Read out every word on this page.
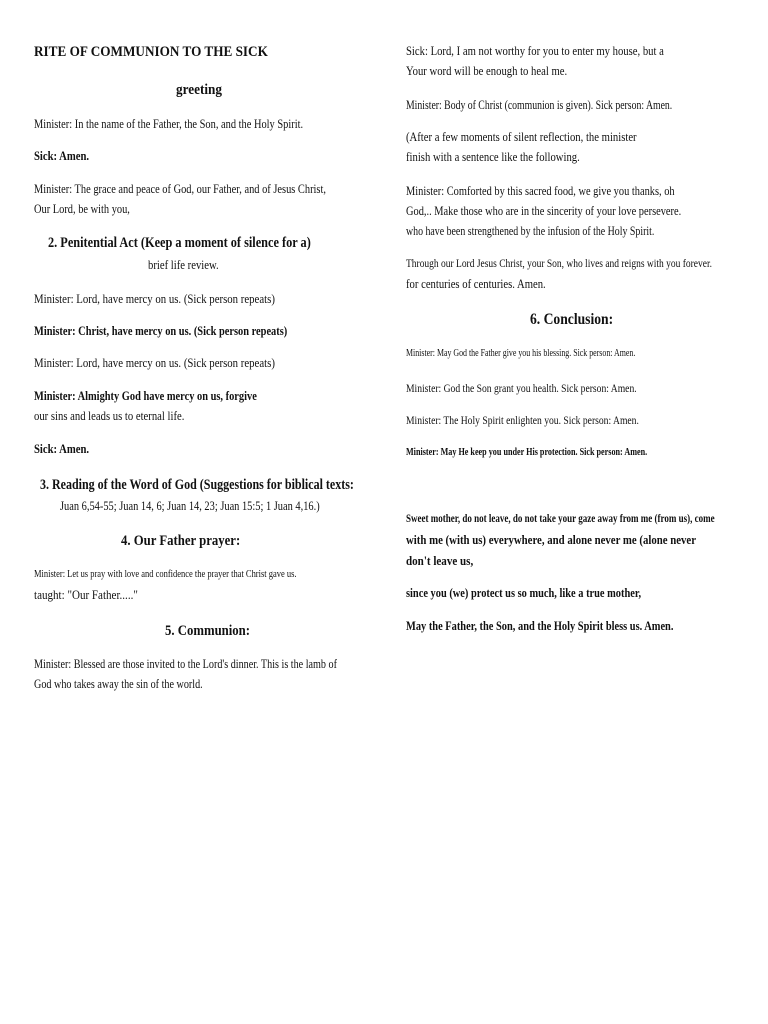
RITE OF COMMUNION TO THE SICK

greeting

Minister: In the name of the Father, the Son, and the Holy Spirit.

Sick: Amen.

Minister: The grace and peace of God, our Father, and of Jesus Christ,

Our Lord, be with you,

2. Penitential Act (Keep a moment of silence for a)

brief life review.

Minister: Lord, have mercy on us. (Sick person repeats)

Minister: Christ, have mercy on us. (Sick person repeats)

Minister: Lord, have mercy on us. (Sick person repeats)

Minister: Almighty God have mercy on us, forgive

our sins and leads us to eternal life.

Sick: Amen.

3. Reading of the Word of God (Suggestions for biblical texts:

Juan 6,54-55; Juan 14, 6; Juan 14, 23; Juan 15:5; 1 Juan 4,16.)

4. Our Father prayer:

Minister: Let us pray with love and confidence the prayer that Christ gave us.

taught: "Our Father....."

5. Communion:

Minister: Blessed are those invited to the Lord's dinner. This is the lamb of

God who takes away the sin of the world.

Sick: Lord, I am not worthy for you to enter my house, but a

Your word will be enough to heal me.

Minister: Body of Christ (communion is given). Sick person: Amen.

(After a few moments of silent reflection, the minister

finish with a sentence like the following.

Minister: Comforted by this sacred food, we give you thanks, oh

God,.. Make those who are in the sincerity of your love persevere.

who have been strengthened by the infusion of the Holy Spirit.

Through our Lord Jesus Christ, your Son, who lives and reigns with you forever.

for centuries of centuries. Amen.

6. Conclusion:

Minister: May God the Father give you his blessing. Sick person: Amen.

Minister: God the Son grant you health. Sick person: Amen.

Minister: The Holy Spirit enlighten you. Sick person: Amen.

Minister: May He keep you under His protection. Sick person: Amen.

Sweet mother, do not leave, do not take your gaze away from me (from us), come

with me (with us) everywhere, and alone never me (alone never

don't leave us,

since you (we) protect us so much, like a true mother,

May the Father, the Son, and the Holy Spirit bless us. Amen.
